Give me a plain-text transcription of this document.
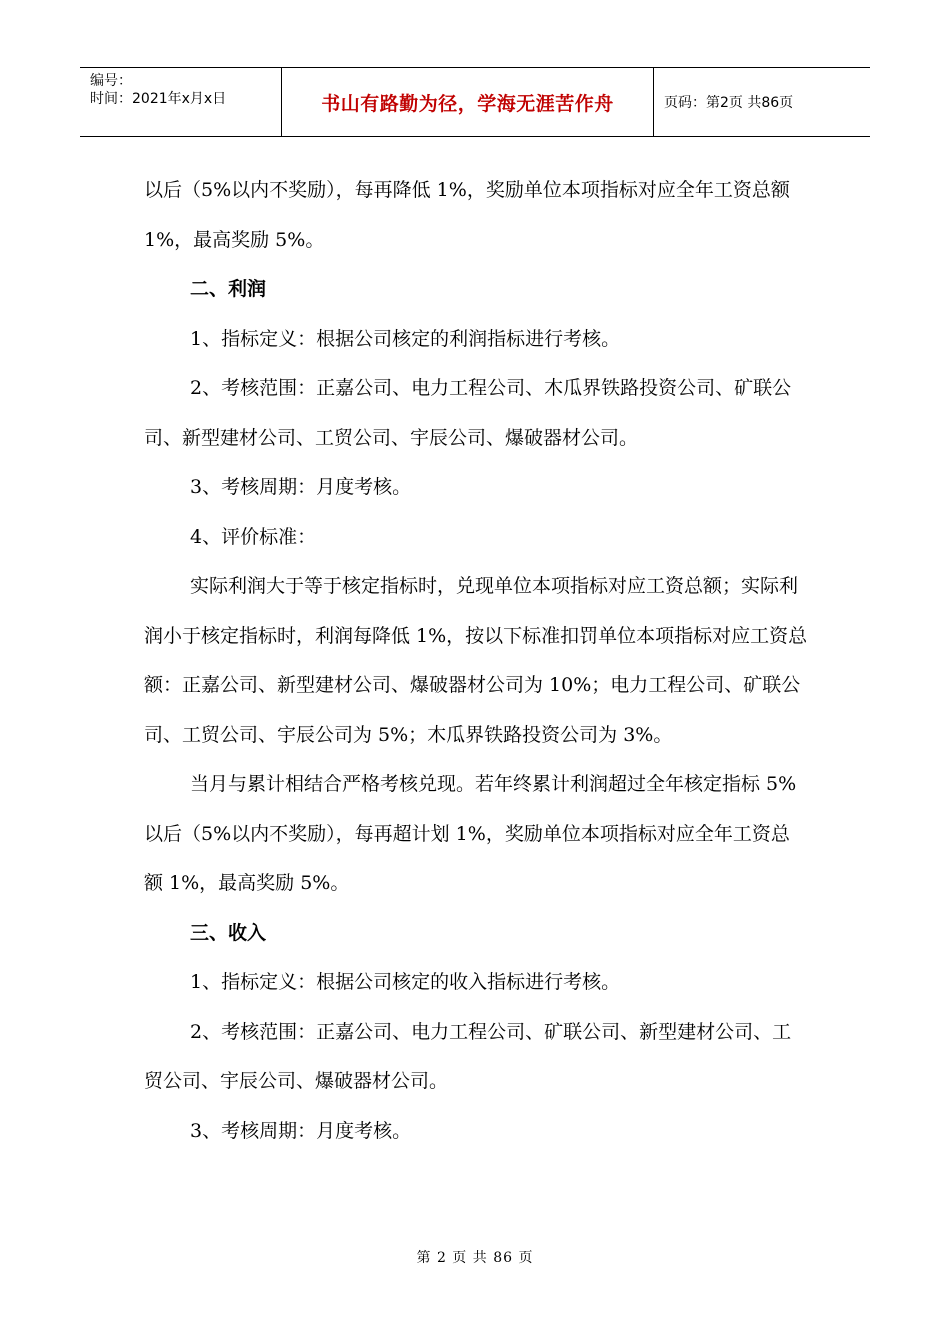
编号：
时间：2021年x月x日	书山有路勤为径，学海无涯苦作舟	页码：第2页 共86页

以后（5%以内不奖励），每再降低 1%，奖励单位本项指标对应全年工资总额 1%，最高奖励 5%。

二、利润

1、指标定义：根据公司核定的利润指标进行考核。

2、考核范围：正嘉公司、电力工程公司、木瓜界铁路投资公司、矿联公司、新型建材公司、工贸公司、宇辰公司、爆破器材公司。

3、考核周期：月度考核。

4、评价标准：

实际利润大于等于核定指标时，兑现单位本项指标对应工资总额；实际利润小于核定指标时，利润每降低 1%，按以下标准扣罚单位本项指标对应工资总额：正嘉公司、新型建材公司、爆破器材公司为 10%；电力工程公司、矿联公司、工贸公司、宇辰公司为 5%；木瓜界铁路投资公司为 3%。

当月与累计相结合严格考核兑现。若年终累计利润超过全年核定指标 5%以后（5%以内不奖励），每再超计划 1%，奖励单位本项指标对应全年工资总额 1%，最高奖励 5%。

三、收入

1、指标定义：根据公司核定的收入指标进行考核。

2、考核范围：正嘉公司、电力工程公司、矿联公司、新型建材公司、工贸公司、宇辰公司、爆破器材公司。

3、考核周期：月度考核。

第 2 页 共 86 页
